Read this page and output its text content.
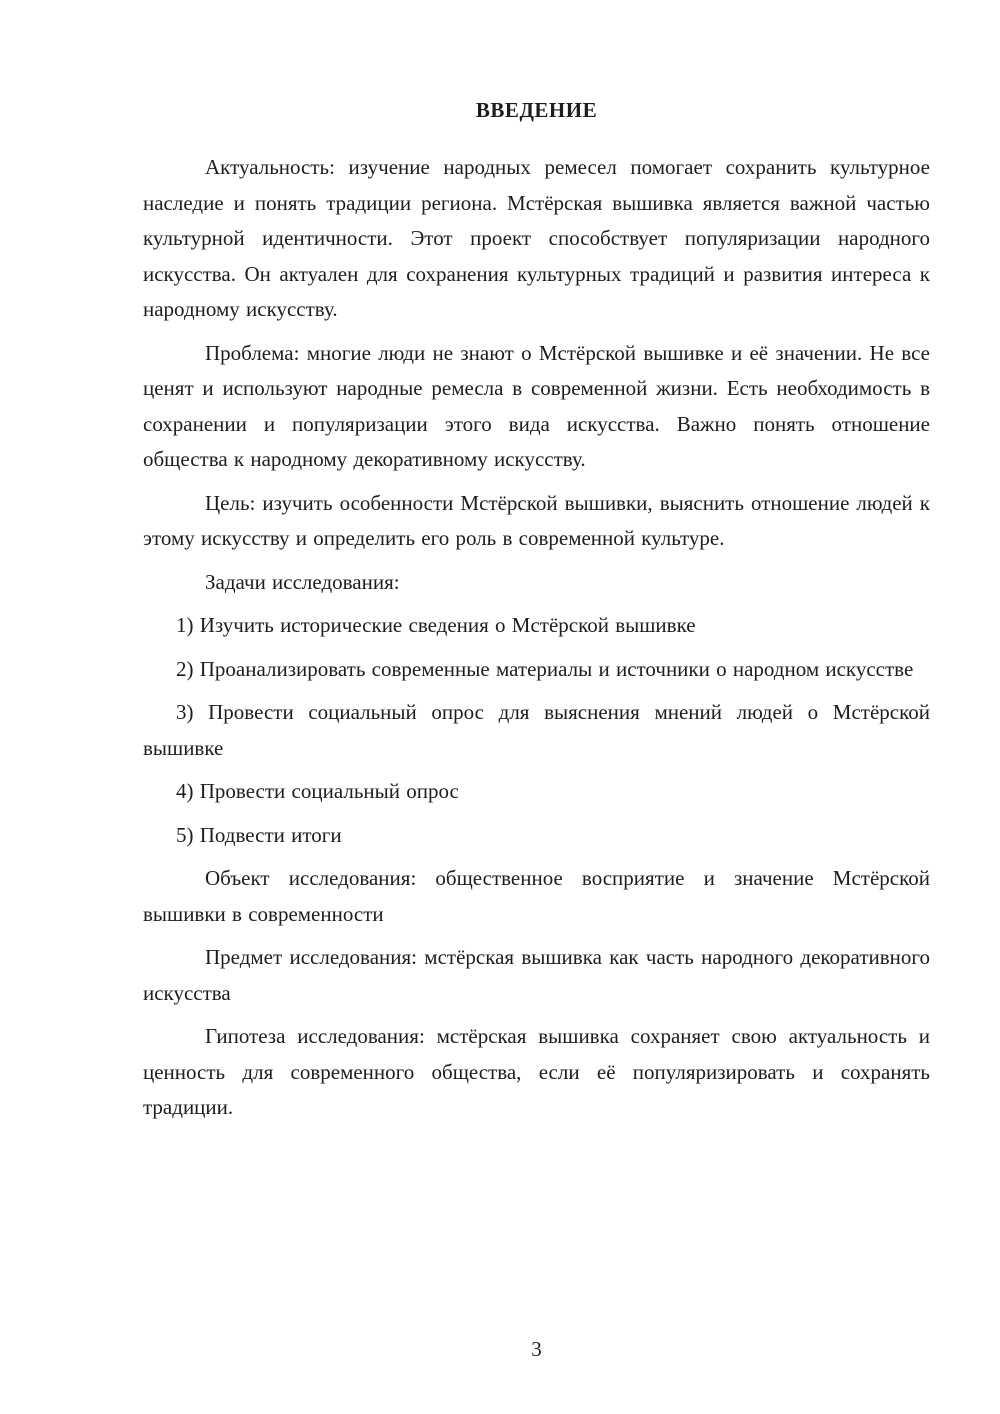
ВВЕДЕНИЕ

Актуальность: изучение народных ремесел помогает сохранить культурное наследие и понять традиции региона. Мстёрская вышивка является важной частью культурной идентичности. Этот проект способствует популяризации народного искусства. Он актуален для сохранения культурных традиций и развития интереса к народному искусству.

Проблема: многие люди не знают о Мстёрской вышивке и её значении. Не все ценят и используют народные ремесла в современной жизни. Есть необходимость в сохранении и популяризации этого вида искусства. Важно понять отношение общества к народному декоративному искусству.

Цель: изучить особенности Мстёрской вышивки, выяснить отношение людей к этому искусству и определить его роль в современной культуре.

Задачи исследования:

1) Изучить исторические сведения о Мстёрской вышивке

2) Проанализировать современные материалы и источники о народном искусстве

3) Провести социальный опрос для выяснения мнений людей о Мстёрской вышивке

4) Провести социальный опрос

5) Подвести итоги

Объект исследования: общественное восприятие и значение Мстёрской вышивки в современности

Предмет исследования: мстёрская вышивка как часть народного декоративного искусства

Гипотеза исследования: мстёрская вышивка сохраняет свою актуальность и ценность для современного общества, если её популяризировать и сохранять традиции.

3
